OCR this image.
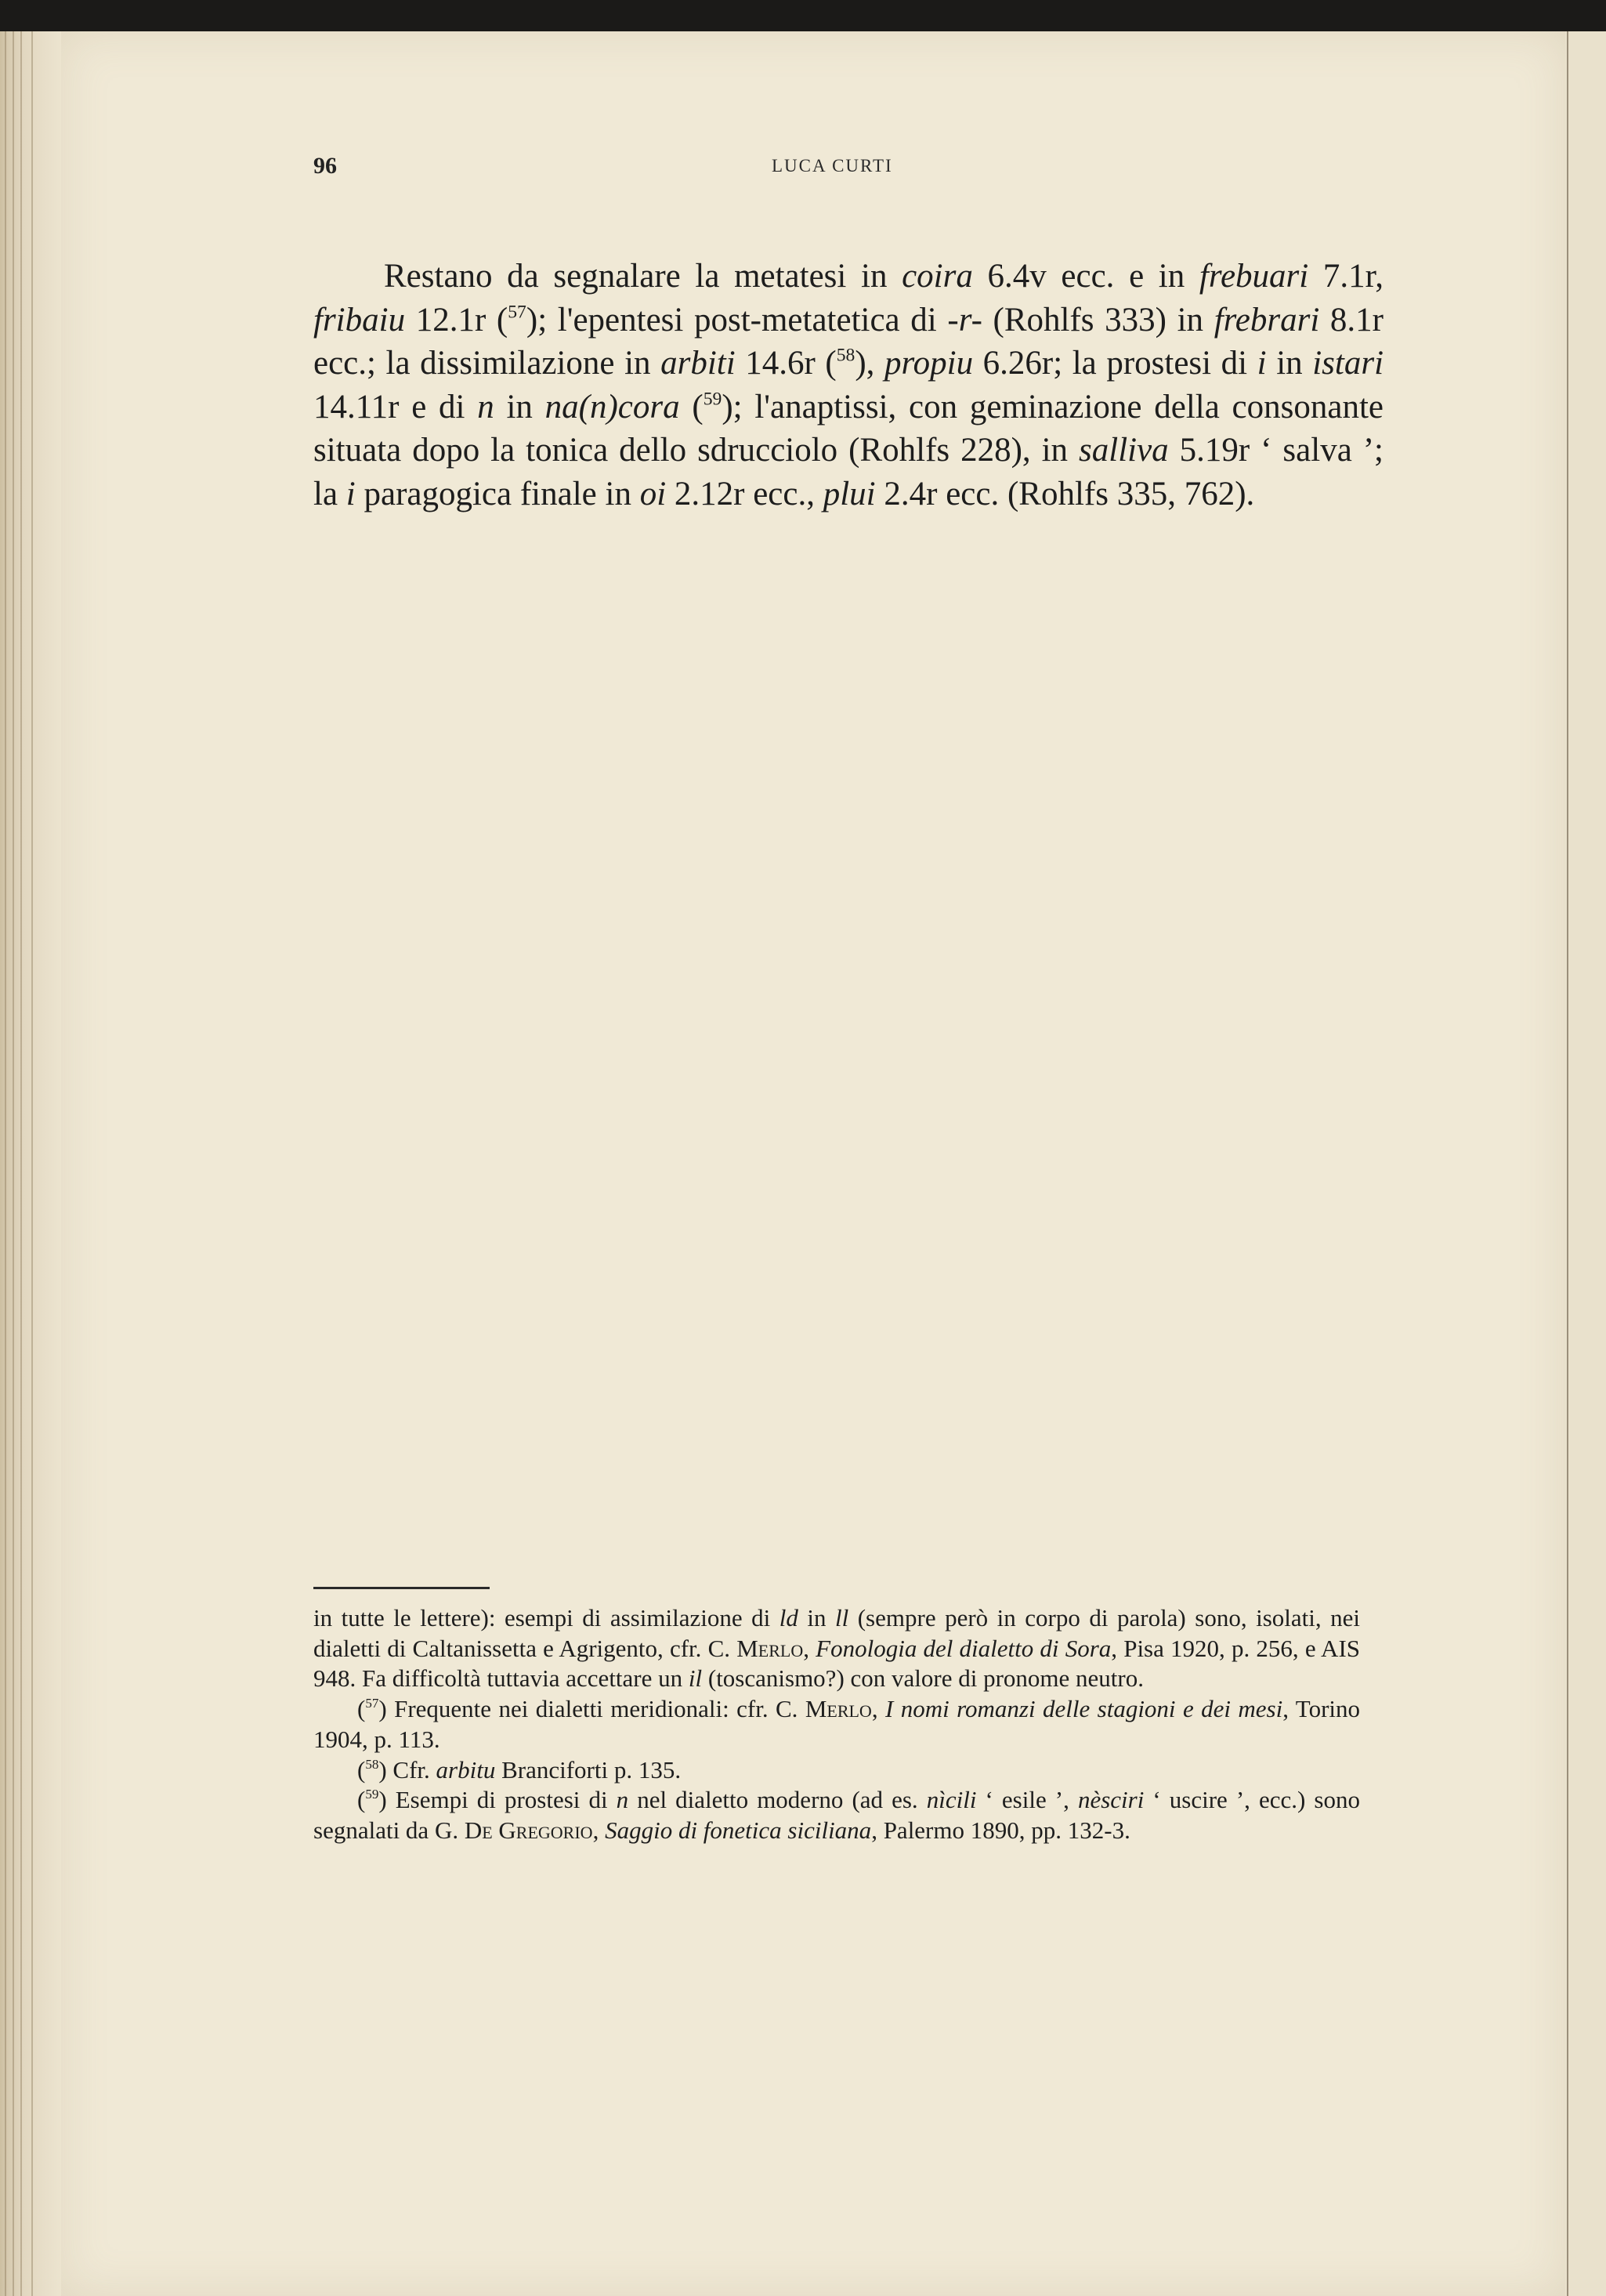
96	LUCA CURTI

Restano da segnalare la metatesi in coira 6.4v ecc. e in frebuari 7.1r, fribaiu 12.1r ($^{57}$); l'epentesi post-metatetica di -r- (Rohlfs 333) in frebrari 8.1r ecc.; la dissimilazione in arbiti 14.6r ($^{58}$), propiu 6.26r; la prostesi di i in istari 14.11r e di n in na(n)cora ($^{59}$); l'anaptissi, con geminazione della consonante situata dopo la tonica dello sdrucciolo (Rohlfs 228), in salliva 5.19r ‘ salva ’; la i paragogica finale in oi 2.12r ecc., plui 2.4r ecc. (Rohlfs 335, 762).

in tutte le lettere): esempi di assimilazione di ld in ll (sempre però in corpo di parola) sono, isolati, nei dialetti di Caltanissetta e Agrigento, cfr. C. Merlo, Fonologia del dialetto di Sora, Pisa 1920, p. 256, e AIS 948. Fa difficoltà tuttavia accettare un il (toscanismo?) con valore di pronome neutro.

($^{57}$) Frequente nei dialetti meridionali: cfr. C. Merlo, I nomi romanzi delle stagioni e dei mesi, Torino 1904, p. 113.

($^{58}$) Cfr. arbitu Branciforti p. 135.

($^{59}$) Esempi di prostesi di n nel dialetto moderno (ad es. nìcili ‘ esile ’, nèsciri ‘ uscire ’, ecc.) sono segnalati da G. De Gregorio, Saggio di fonetica siciliana, Palermo 1890, pp. 132-3.
